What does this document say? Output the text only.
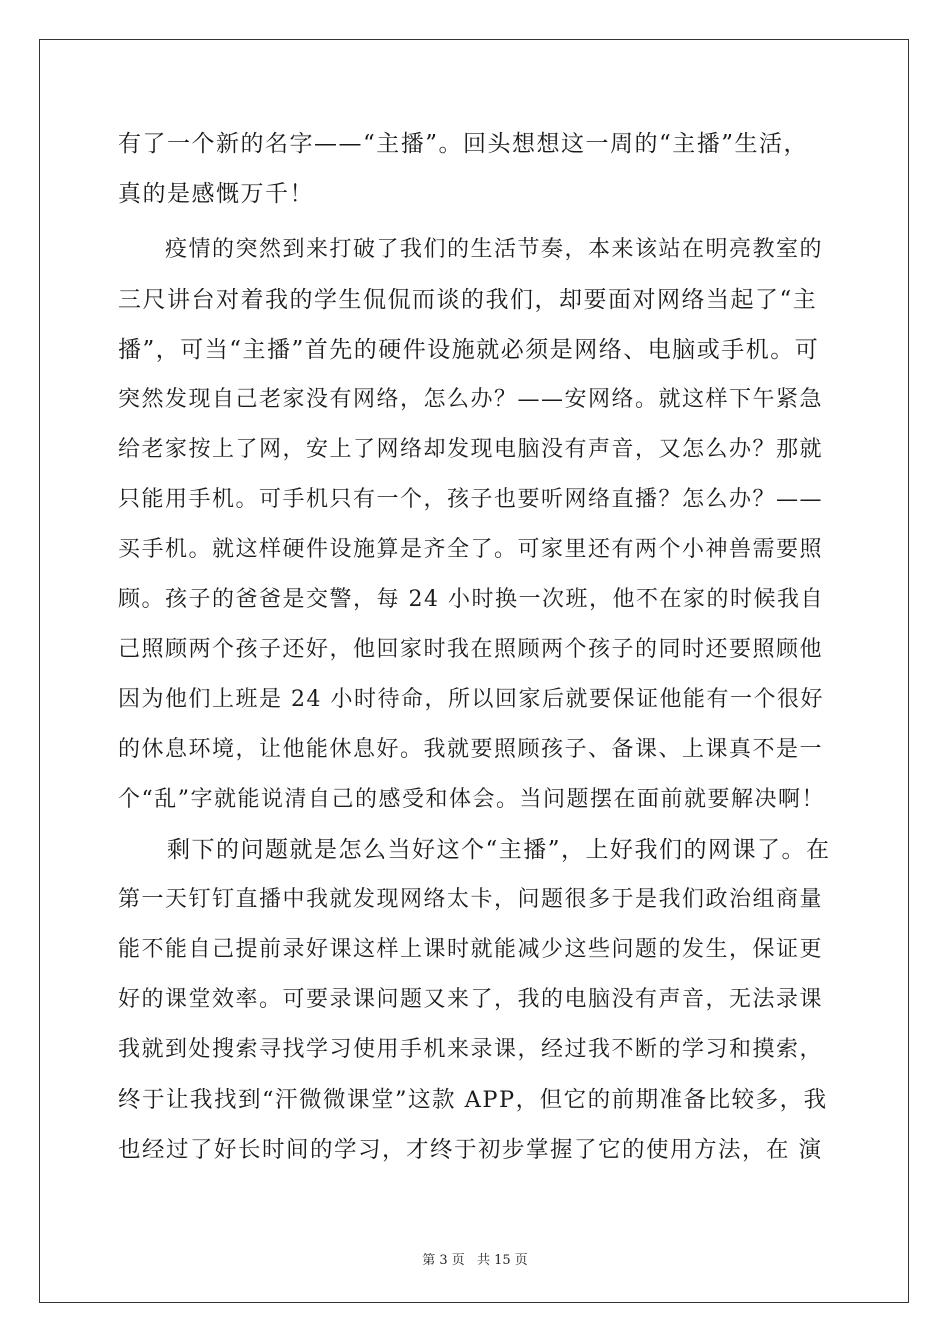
有了一个新的名字——“主播”。回头想想这一周的“主播”生活，
真的是感慨万千！
　　疫情的突然到来打破了我们的生活节奏，本来该站在明亮教室的
三尺讲台对着我的学生侃侃而谈的我们，却要面对网络当起了“主
播”，可当“主播”首先的硬件设施就必须是网络、电脑或手机。可
突然发现自己老家没有网络，怎么办？——安网络。就这样下午紧急
给老家按上了网，安上了网络却发现电脑没有声音，又怎么办？那就
只能用手机。可手机只有一个，孩子也要听网络直播？怎么办？——
买手机。就这样硬件设施算是齐全了。可家里还有两个小神兽需要照
顾。孩子的爸爸是交警，每 24 小时换一次班，他不在家的时候我自
己照顾两个孩子还好，他回家时我在照顾两个孩子的同时还要照顾他
因为他们上班是 24 小时待命，所以回家后就要保证他能有一个很好
的休息环境，让他能休息好。我就要照顾孩子、备课、上课真不是一
个“乱”字就能说清自己的感受和体会。当问题摆在面前就要解决啊！
　　剩下的问题就是怎么当好这个“主播”，上好我们的网课了。在
第一天钉钉直播中我就发现网络太卡，问题很多于是我们政治组商量
能不能自己提前录好课这样上课时就能减少这些问题的发生，保证更
好的课堂效率。可要录课问题又来了，我的电脑没有声音，无法录课
我就到处搜索寻找学习使用手机来录课，经过我不断的学习和摸索，
终于让我找到“汗微微课堂”这款 APP，但它的前期准备比较多，我
也经过了好长时间的学习，才终于初步掌握了它的使用方法，在 演
第 3 页 共 15 页
